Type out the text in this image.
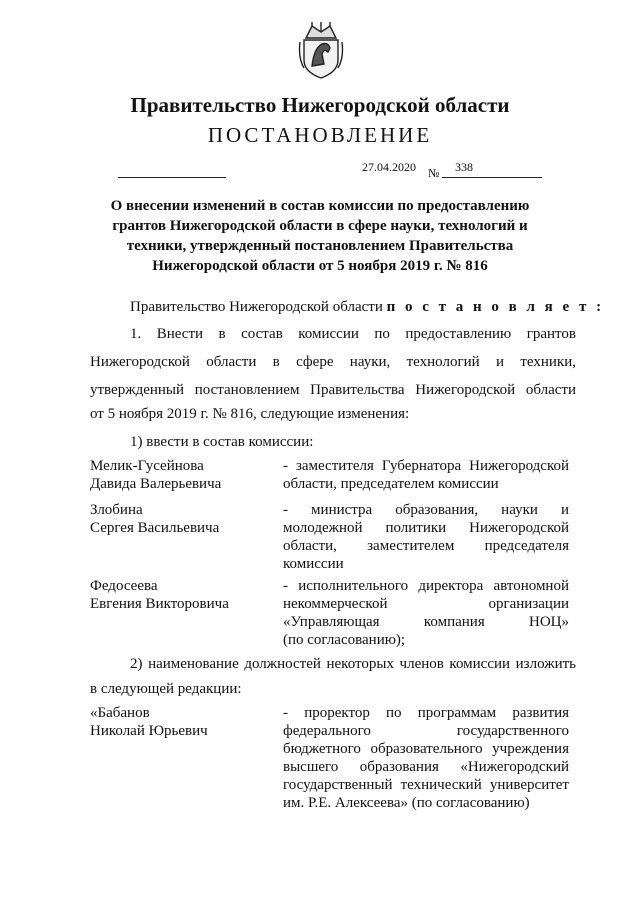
Правительство Нижегородской области
ПОСТАНОВЛЕНИЕ
27.04.2020 № 338
О внесении изменений в состав комиссии по предоставлению
грантов Нижегородской области в сфере науки, технологий и
техники, утвержденный постановлением Правительства
Нижегородской области от 5 ноября 2019 г. № 816
Правительство Нижегородской области п о с т а н о в л я е т :
1. Внести в состав комиссии по предоставлению грантов
Нижегородской области в сфере науки, технологий и техники,
утвержденный постановлением Правительства Нижегородской области
от 5 ноября 2019 г. № 816, следующие изменения:
1) ввести в состав комиссии:
Мелик-Гусейнова
Давида Валерьевича
- заместителя Губернатора Нижегородской
области, председателем комиссии
Злобина
Сергея Васильевича
- министра образования, науки и
молодежной политики Нижегородской
области, заместителем председателя
комиссии
Федосеева
Евгения Викторовича
- исполнительного директора автономной
некоммерческой организации
«Управляющая компания НОЦ»
(по согласованию);
2) наименование должностей некоторых членов комиссии изложить
в следующей редакции:
«Бабанов
Николай Юрьевич
- проректор по программам развития
федерального государственного
бюджетного образовательного учреждения
высшего образования «Нижегородский
государственный технический университет
им. Р.Е. Алексеева» (по согласованию)
